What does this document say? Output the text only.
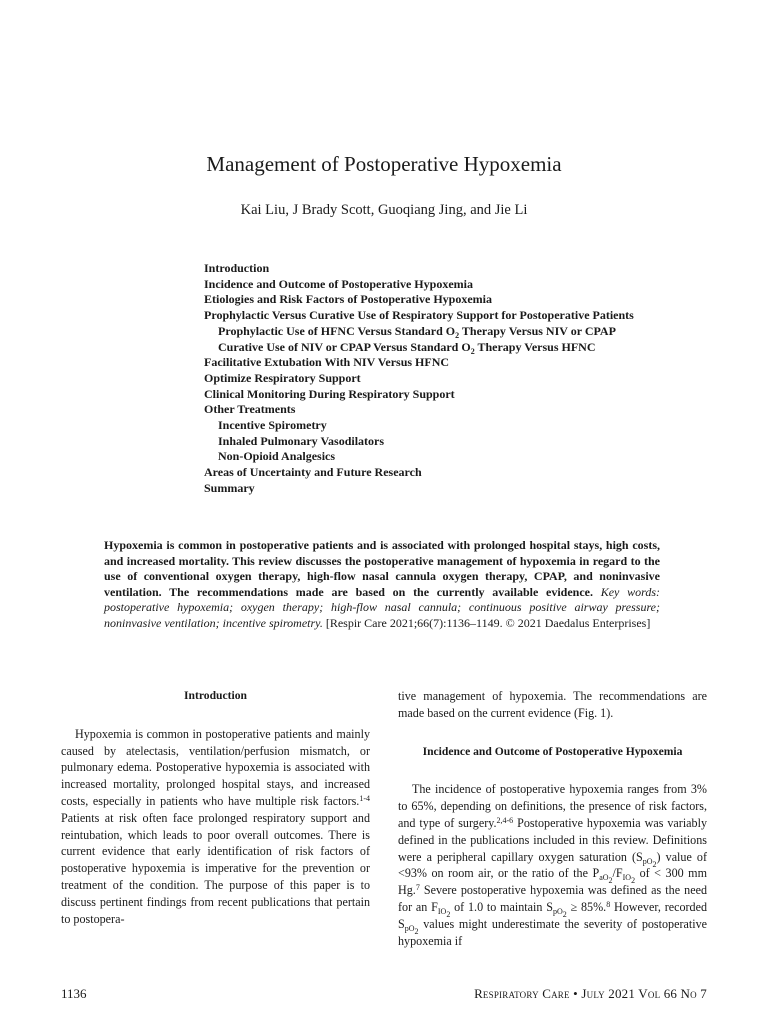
Management of Postoperative Hypoxemia
Kai Liu, J Brady Scott, Guoqiang Jing, and Jie Li
Introduction
Incidence and Outcome of Postoperative Hypoxemia
Etiologies and Risk Factors of Postoperative Hypoxemia
Prophylactic Versus Curative Use of Respiratory Support for Postoperative Patients
Prophylactic Use of HFNC Versus Standard $O_2$ Therapy Versus NIV or CPAP
Curative Use of NIV or CPAP Versus Standard $O_2$ Therapy Versus HFNC
Facilitative Extubation With NIV Versus HFNC
Optimize Respiratory Support
Clinical Monitoring During Respiratory Support
Other Treatments
Incentive Spirometry
Inhaled Pulmonary Vasodilators
Non-Opioid Analgesics
Areas of Uncertainty and Future Research
Summary
Hypoxemia is common in postoperative patients and is associated with prolonged hospital stays, high costs, and increased mortality. This review discusses the postoperative management of hypoxemia in regard to the use of conventional oxygen therapy, high-flow nasal cannula oxygen therapy, CPAP, and noninvasive ventilation. The recommendations made are based on the currently available evidence. Key words: postoperative hypoxemia; oxygen therapy; high-flow nasal cannula; continuous positive airway pressure; noninvasive ventilation; incentive spirometry. [Respir Care 2021;66(7):1136–1149. © 2021 Daedalus Enterprises]
Introduction

Hypoxemia is common in postoperative patients and mainly caused by atelectasis, ventilation/perfusion mismatch, or pulmonary edema. Postoperative hypoxemia is associated with increased mortality, prolonged hospital stays, and increased costs, especially in patients who have multiple risk factors.$^{1-4}$ Patients at risk often face prolonged respiratory support and reintubation, which leads to poor overall outcomes. There is current evidence that early identification of risk factors of postoperative hypoxemia is imperative for the prevention or treatment of the condition. The purpose of this paper is to discuss pertinent findings from recent publications that pertain to postopera-

tive management of hypoxemia. The recommendations are made based on the current evidence (Fig. 1).

Incidence and Outcome of Postoperative Hypoxemia

The incidence of postoperative hypoxemia ranges from 3% to 65%, depending on definitions, the presence of risk factors, and type of surgery.$^{2,4-6}$ Postoperative hypoxemia was variably defined in the publications included in this review. Definitions were a peripheral capillary oxygen saturation $(S_{pO_2})$ value of <93% on room air, or the ratio of the $P_{aO_2}/F_{IO_2}$ of < 300 mm Hg.$^7$ Severe postoperative hypoxemia was defined as the need for an $F_{IO_2}$ of 1.0 to maintain $S_{pO_2} \ge 85\%.^8$ However, recorded $S_{pO_2}$ values might underestimate the severity of postoperative hypoxemia if

1136	Respiratory Care • July 2021 Vol 66 No 7
